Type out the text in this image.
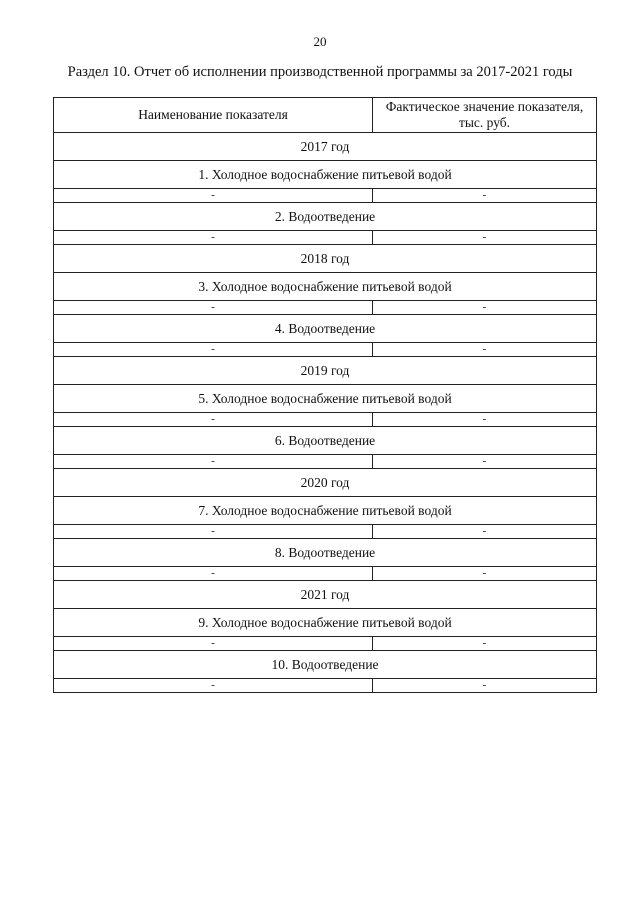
20
Раздел 10. Отчет об исполнении производственной программы за 2017-2021 годы
Наименование показателя	Фактическое значение показателя, тыс. руб.
2017 год	
1. Холодное водоснабжение питьевой водой	
-	-
2. Водоотведение	
-	-
2018 год	
3. Холодное водоснабжение питьевой водой	
-	-
4. Водоотведение	
-	-
2019 год	
5. Холодное водоснабжение питьевой водой	
-	-
6. Водоотведение	
-	-
2020 год	
7. Холодное водоснабжение питьевой водой	
-	-
8. Водоотведение	
-	-
2021 год	
9. Холодное водоснабжение питьевой водой	
-	-
10. Водоотведение	
-	-
